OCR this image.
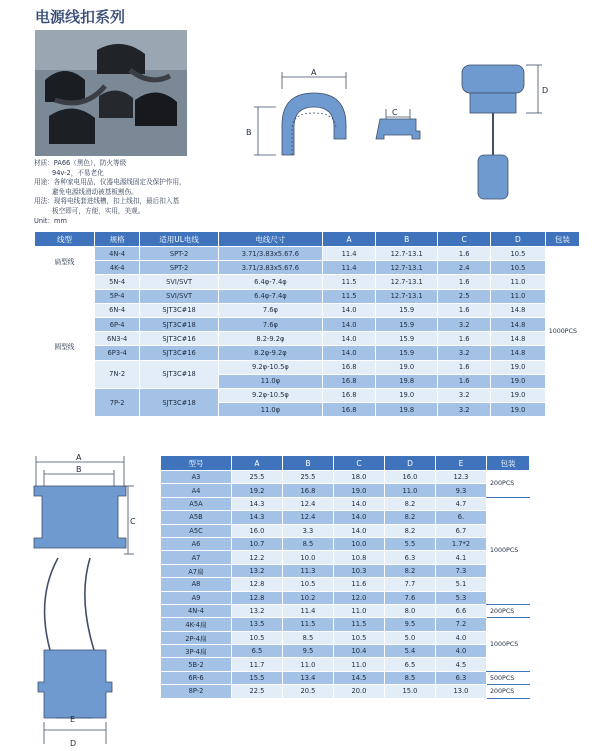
电源线扣系列
材质：PA66（黑色），防火等级
94v-2，不易老化
用途：各种家电用品，仪器电源线固定及保护作用，
避免电源线滑动被基板割伤。
用法：现将电线套进线槽，扣上线扣，最后扣入基
板空即可，方便，实用，美观。
Unit：mm
A
B
C
D
线型	规格	适用UL电线	电线尺寸	A	B	C	D	包装
扁型线	4N-4	SPT-2	3.71/3.83x5.67.6	11.4	12.7-13.1	1.6	10.5	1000PCS
	4K-4	SPT-2	3.71/3.83x5.67.6	11.4	12.7-13.1	2.4	10.5	
圆型线	5N-4	SVI/SVT	6.4φ-7.4φ	11.5	12.7-13.1	1.6	11.0	
	5P-4	SVI/SVT	6.4φ-7.4φ	11.5	12.7-13.1	2.5	11.0	
	6N-4	SJT3C#18	7.6φ	14.0	15.9	1.6	14.8	
	6P-4	SJT3C#18	7.6φ	14.0	15.9	3.2	14.8	
	6N3-4	SJT3C#16	8.2-9.2φ	14.0	15.9	1.6	14.8	
	6P3-4	SJT3C#16	8.2φ-9.2φ	14.0	15.9	3.2	14.8	
	7N-2	SJT3C#18	9.2φ-10.5φ	16.8	19.0	1.6	19.0	
			11.0φ	16.8	19.8	1.6	19.0	
	7P-2	SJT3C#18	9.2φ-10.5φ	16.8	19.0	3.2	19.0	
			11.0φ	16.8	19.8	3.2	19.0	
A
B
C
E
D
型号	A	B	C	D	E	包装
A3	25.5	25.5	18.0	16.0	12.3	200PCS
A4	19.2	16.8	19.0	11.0	9.3	
A5A	14.3	12.4	14.0	8.2	4.7	1000PCS
A5B	14.3	12.4	14.0	8.2	6.	
A5C	16.0	3.3	14.0	8.2	6.7	
A6	10.7	8.5	10.0	5.5	1.7*2	
A7	12.2	10.0	10.8	6.3	4.1	
A7扁	13.2	11.3	10.3	8.2	7.3	
A8	12.8	10.5	11.6	7.7	5.1	
A9	12.8	10.2	12.0	7.6	5.3	
4N-4	13.2	11.4	11.0	8.0	6.6	200PCS
4K-4扁	13.5	11.5	11.5	9.5	7.2	1000PCS
2P-4扁	10.5	8.5	10.5	5.0	4.0	
3P-4扁	6.5	9.5	10.4	5.4	4.0	
5B-2	11.7	11.0	11.0	6.5	4.5	
6R-6	15.5	13.4	14.5	8.5	6.3	500PCS
8P-2	22.5	20.5	20.0	15.0	13.0	200PCS
